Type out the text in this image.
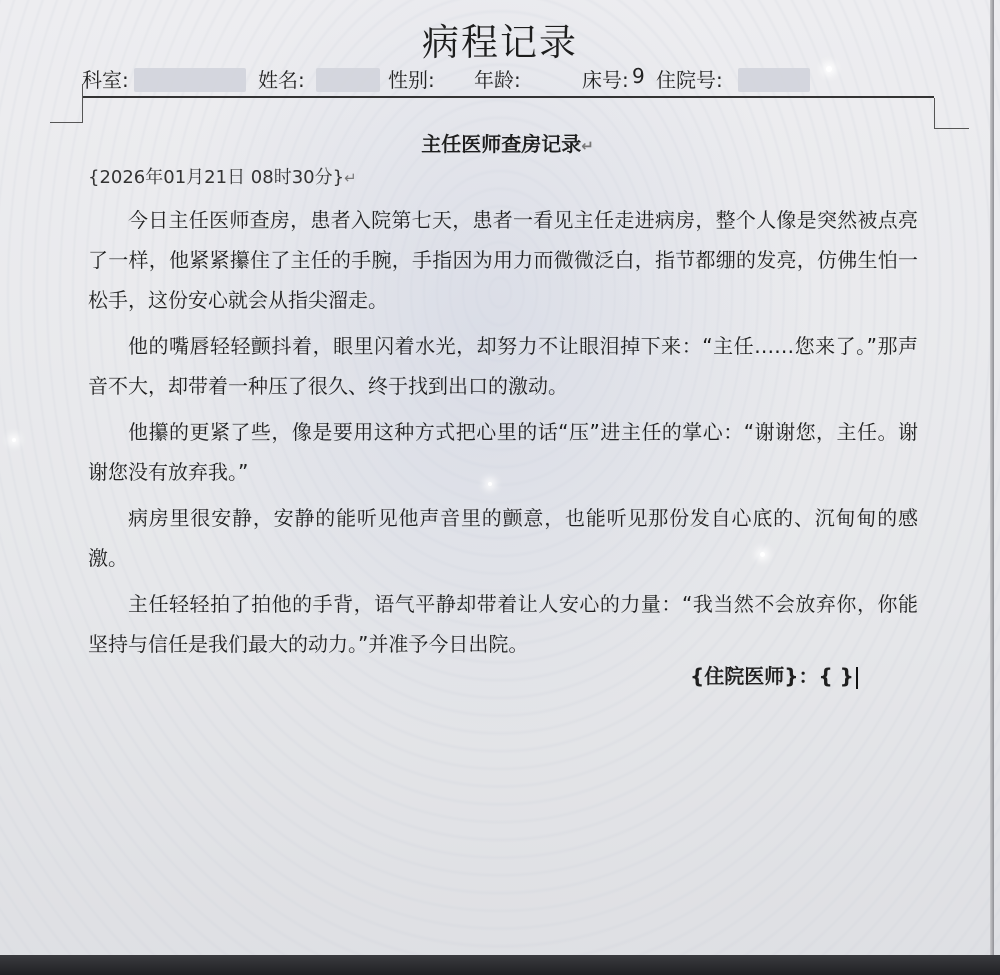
病程记录
科室:	姓名:	性别: 年龄:	床号: 9 住院号:
主任医师查房记录↵
{2026年01月21日 08时30分}↵

今日主任医师查房，患者入院第七天，患者一看见主任走进病房，整个人像是突然被点亮了一样，他紧紧攥住了主任的手腕，手指因为用力而微微泛白，指节都绷的发亮，仿佛生怕一松手，这份安心就会从指尖溜走。

他的嘴唇轻轻颤抖着，眼里闪着水光，却努力不让眼泪掉下来：“主任……您来了。”那声音不大，却带着一种压了很久、终于找到出口的激动。

他攥的更紧了些，像是要用这种方式把心里的话“压”进主任的掌心：“谢谢您，主任。谢谢您没有放弃我。”

病房里很安静，安静的能听见他声音里的颤意，也能听见那份发自心底的、沉甸甸的感激。

主任轻轻拍了拍他的手背，语气平静却带着让人安心的力量：“我当然不会放弃你，你能坚持与信任是我们最大的动力。”并准予今日出院。

{住院医师}：{ }
